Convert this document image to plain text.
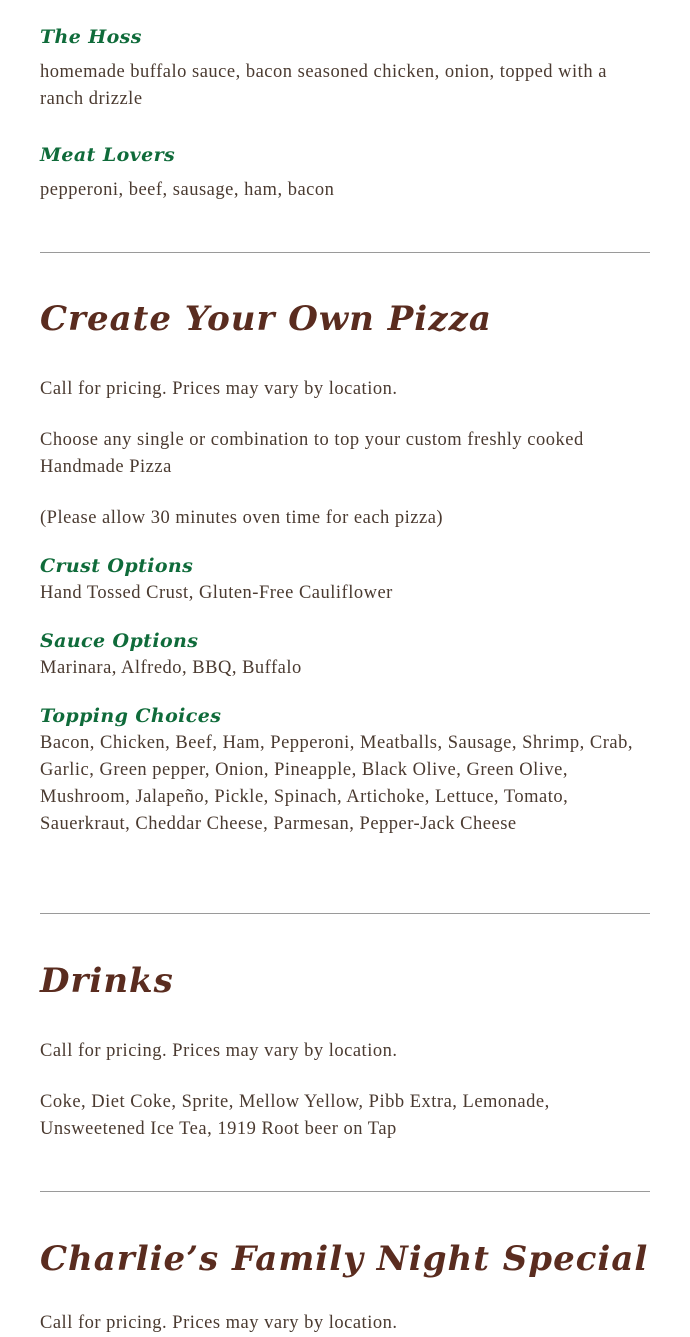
The Hoss

homemade buffalo sauce, bacon seasoned chicken, onion, topped with a ranch drizzle

Meat Lovers

pepperoni, beef, sausage, ham, bacon

Create Your Own Pizza

Call for pricing. Prices may vary by location.

Choose any single or combination to top your custom freshly cooked Handmade Pizza

(Please allow 30 minutes oven time for each pizza)

Crust Options

Hand Tossed Crust, Gluten-Free Cauliflower

Sauce Options

Marinara, Alfredo, BBQ, Buffalo

Topping Choices

Bacon, Chicken, Beef, Ham, Pepperoni, Meatballs, Sausage, Shrimp, Crab, Garlic, Green pepper, Onion, Pineapple, Black Olive, Green Olive, Mushroom, Jalapeño, Pickle, Spinach, Artichoke, Lettuce, Tomato, Sauerkraut, Cheddar Cheese, Parmesan, Pepper-Jack Cheese

Drinks

Call for pricing. Prices may vary by location.

Coke, Diet Coke, Sprite, Mellow Yellow, Pibb Extra, Lemonade, Unsweetened Ice Tea, 1919 Root beer on Tap

Charlie’s Family Night Special

Call for pricing. Prices may vary by location.
